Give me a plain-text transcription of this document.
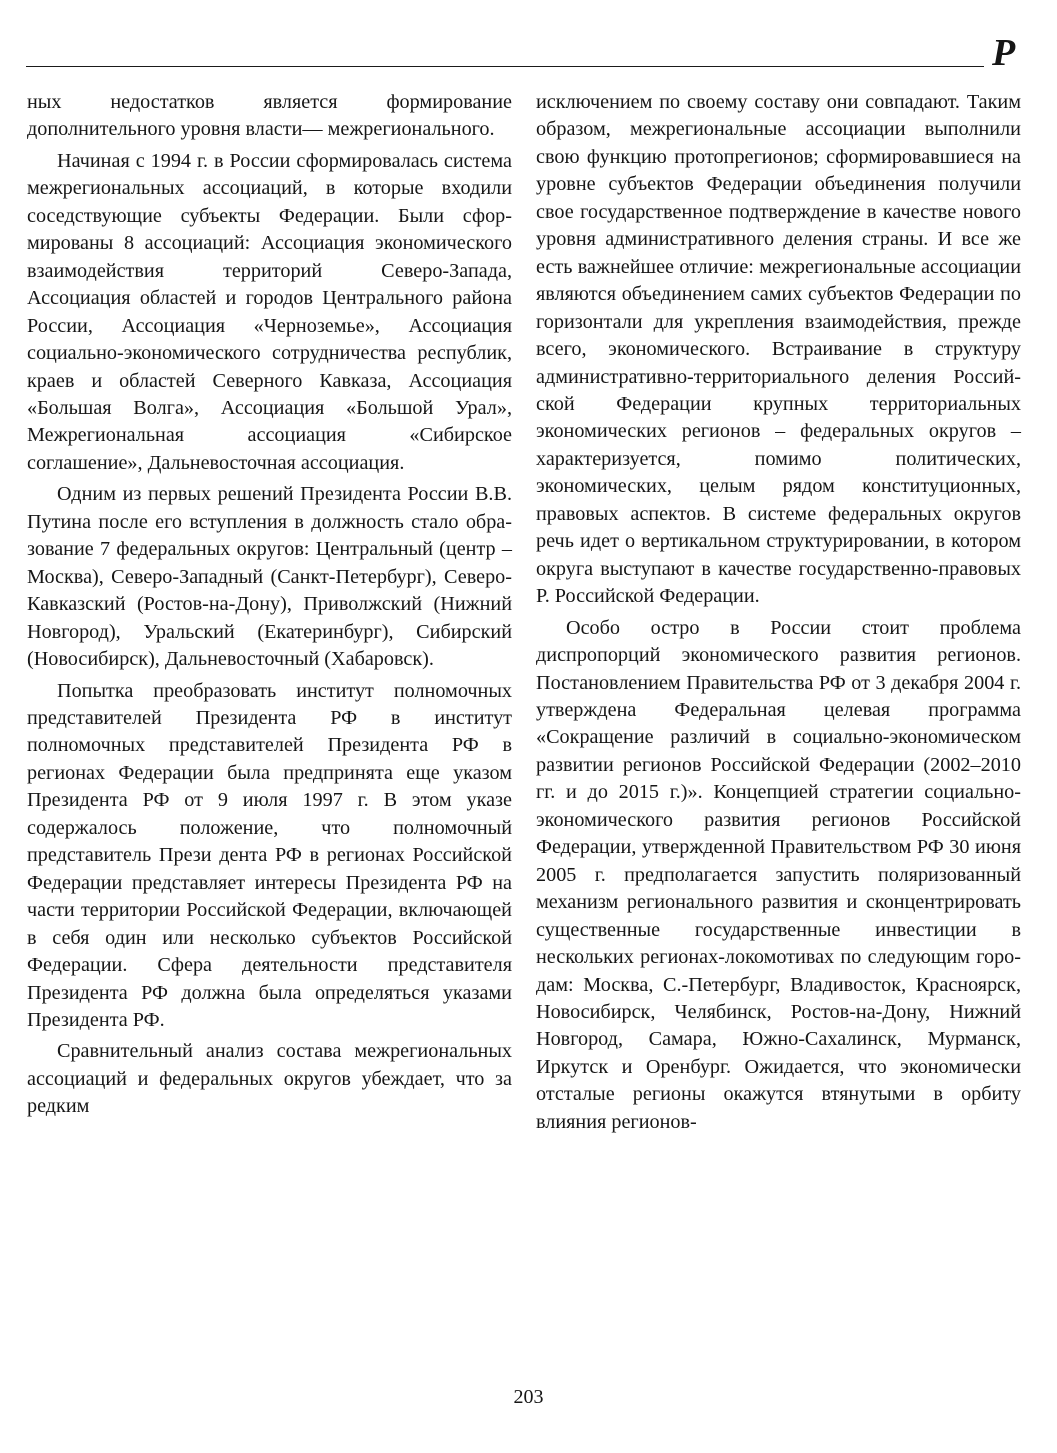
Р

ных недостатков является формирование дополнительного уровня власти— межрегионального.

Начиная с 1994 г. в России сформировалась система межрегиональных ассоциаций, в которые входили соседствующие субъекты Федерации. Были сформированы 8 ассоциаций: Ассоциация экономического взаимодействия территорий Северо-Запада, Ассоциация областей и городов Центрального района России, Ассоциация «Черноземье», Ассоциация социально-экономического сотрудничества республик, краев и областей Северного Кавказа, Ассоциация «Большая Волга», Ассоциация «Большой Урал», Межрегиональная ассоциация «Сибирское соглашение», Дальневосточная ассоциация.

Одним из первых решений Президента России В.В. Путина после его вступления в должность стало образование 7 федеральных округов: Центральный (центр – Москва), Северо-Западный (Санкт-Петербург), Северо-Кавказский (Ростов-на-Дону), Приволжский (Нижний Новгород), Уральский (Екатеринбург), Сибирский (Новосибирск), Дальневосточный (Хабаровск).

Попытка преобразовать институт полномочных представителей Президента РФ в институт полномочных представителей Президента РФ в регионах Федерации была предпринята еще указом Президента РФ от 9 июля 1997 г. В этом указе содержалось положение, что полномочный представитель Прези дента РФ в регионах Российской Федерации представляет интересы Президента РФ на части территории Российской Федерации, включающей в себя один или несколько субъектов Российской Федерации. Сфера деятельности представителя Президента РФ должна была определяться указами Президента РФ.

Сравнительный анализ состава межрегиональных ассоциаций и федеральных округов убеждает, что за редким

исключением по своему составу они совпадают. Таким образом, межрегиональные ассоциации выполнили свою функцию протопрегионов; сформировавшиеся на уровне субъектов Федерации объединения получили свое государственное подтверждение в качестве нового уровня административного деления страны. И все же есть важнейшее отличие: межрегиональные ассоциации являются объединением самих субъектов Федерации по горизонтали для укрепления взаимодействия, прежде всего, экономического. Встраивание в структуру административно-территориального деления Российской Федерации крупных территориальных экономических регионов – федеральных округов – характеризуется, помимо политических, экономических, целым рядом конституционных, правовых аспектов. В системе федеральных округов речь идет о вертикальном структурировании, в котором округа выступают в качестве государственно-правовых Р. Российской Федерации.

Особо остро в России стоит проблема диспропорций экономического развития регионов. Постановлением Правительства РФ от 3 декабря 2004 г. утверждена Федеральная целевая программа «Сокращение различий в социально-экономическом развитии регионов Российской Федерации (2002–2010 гг. и до 2015 г.)». Концепцией стратегии социально-экономического развития регионов Российской Федерации, утвержденной Правительством РФ 30 июня 2005 г. предполагается запустить поляризованный механизм регионального развития и сконцентрировать существенные государственные инвестиции в нескольких регионах-локомотивах по следующим городам: Москва, С.-Петербург, Владивосток, Красноярск, Новосибирск, Челябинск, Ростов-на-Дону, Нижний Новгород, Самара, Южно-Сахалинск, Мурманск, Иркутск и Оренбург. Ожидается, что экономически отсталые регионы окажутся втянутыми в орбиту влияния регионов-

203
